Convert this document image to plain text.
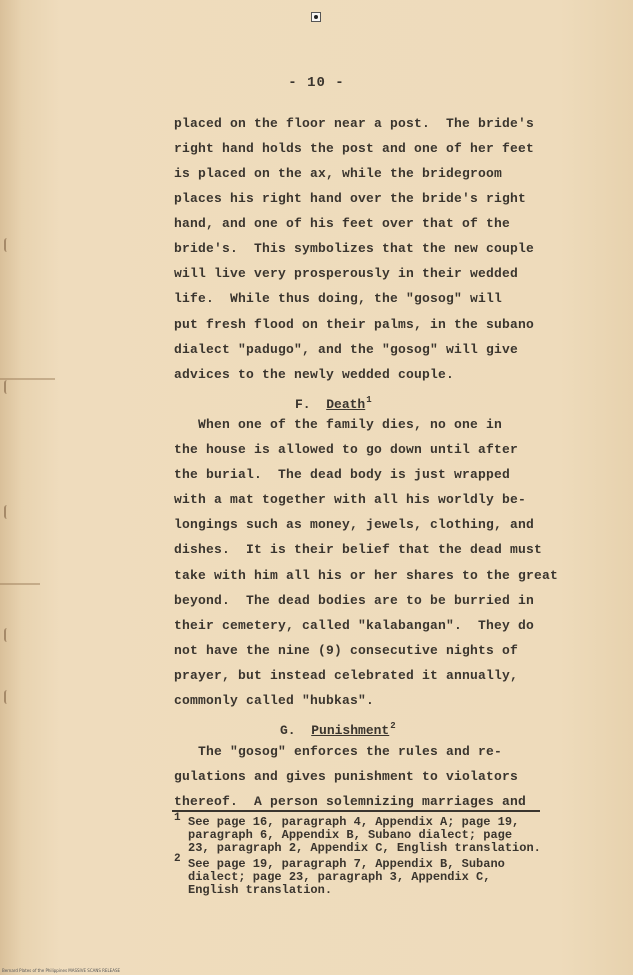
- 10 -
placed on the floor near a post.  The bride's
right hand holds the post and one of her feet
is placed on the ax, while the bridegroom
places his right hand over the bride's right
hand, and one of his feet over that of the
bride's.  This symbolizes that the new couple
will live very prosperously in their wedded
life.  While thus doing, the "gosog" will
put fresh flood on their palms, in the subano
dialect "padugo", and the "gosog" will give
advices to the newly wedded couple.
F. Death$^1$
When one of the family dies, no one in
the house is allowed to go down until after
the burial.  The dead body is just wrapped
with a mat together with all his worldly be-
longings such as money, jewels, clothing, and
dishes.  It is their belief that the dead must
take with him all his or her shares to the great
beyond.  The dead bodies are to be burried in
their cemetery, called "kalabangan".  They do
not have the nine (9) consecutive nights of
prayer, but instead celebrated it annually,
commonly called "hubkas".
G. Punishment$^2$
The "gosog" enforces the rules and re-
gulations and gives punishment to violators
thereof.  A person solemnizing marriages and
1 See page 16, paragraph 4, Appendix A; page 19,
paragraph 6, Appendix B, Subano dialect; page
23, paragraph 2, Appendix C, English translation.
2 See page 19, paragraph 7, Appendix B, Subano
dialect; page 23, paragraph 3, Appendix C,
English translation.
Bernard Plates of the Philippines MASSIVE SCANS RELEASE
